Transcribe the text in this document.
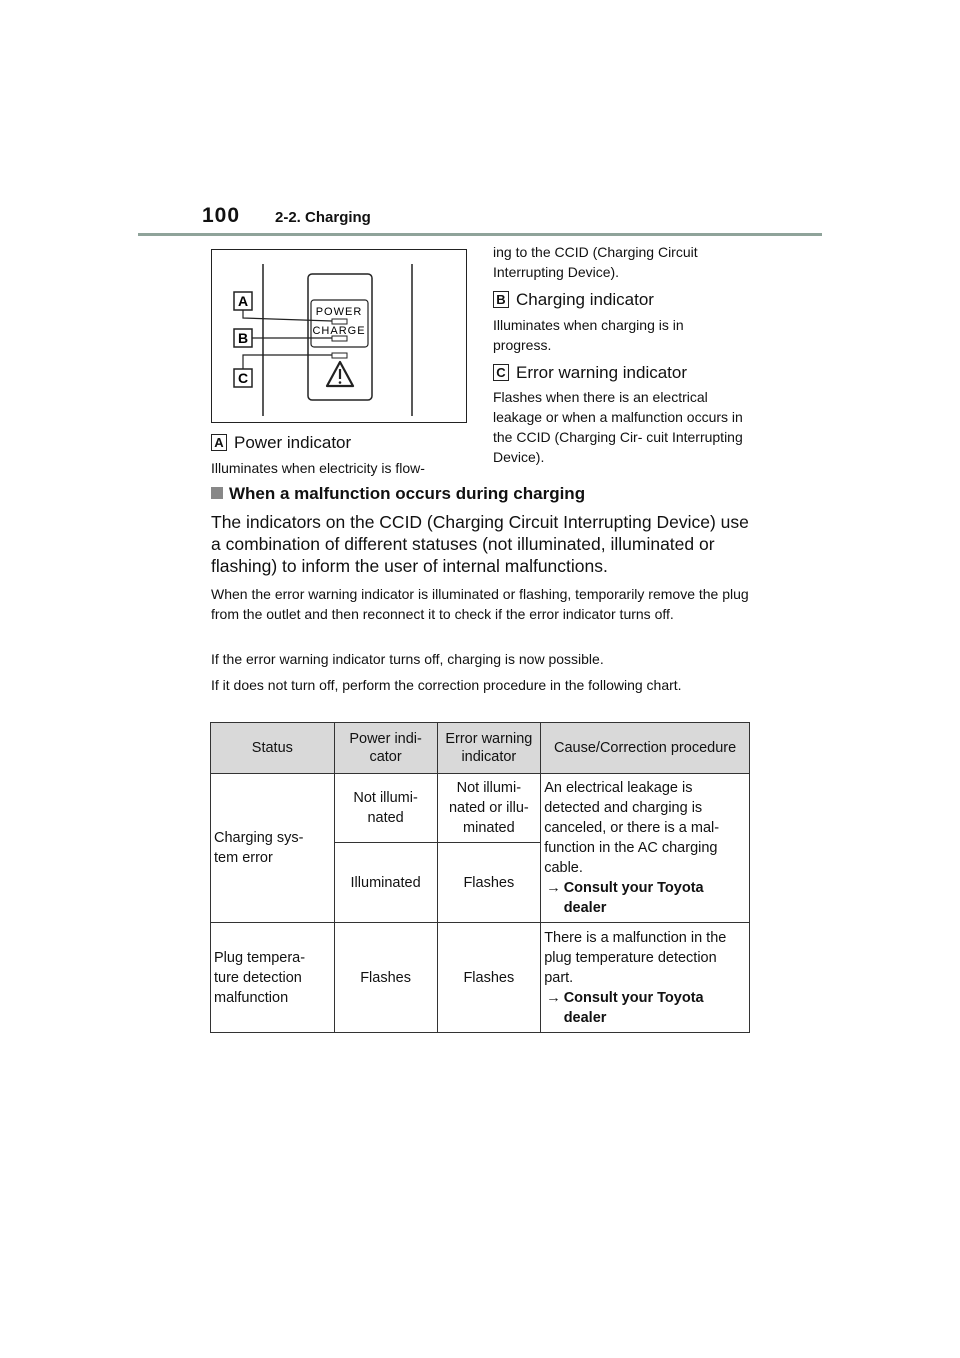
100 2-2. Charging
POWER
CHARGE
A
B
C
A Power indicator
Illuminates when electricity is flow-
ing to the CCID (Charging Circuit Interrupting Device).
B Charging indicator
Illuminates when charging is in progress.
C Error warning indicator
Flashes when there is an electrical leakage or when a malfunction occurs in the CCID (Charging Cir- cuit Interrupting Device).
When a malfunction occurs during charging
The indicators on the CCID (Charging Circuit Interrupting Device) use a combination of different statuses (not illuminated, illuminated or flashing) to inform the user of internal malfunctions.
When the error warning indicator is illuminated or flashing, temporarily remove the plug from the outlet and then reconnect it to check if the error indicator turns off.
If the error warning indicator turns off, charging is now possible.
If it does not turn off, perform the correction procedure in the following chart.
Status	Power indi- cator	Error warning indicator	Cause/Correction procedure
Charging sys- tem error	Not illumi- nated	Not illumi- nated or illu- minated	An electrical leakage is detected and charging is canceled, or there is a mal- function in the AC charging cable.
→ Consult your Toyota dealer

	Illuminated	Flashes	
Plug tempera- ture detection malfunction	Flashes	Flashes	There is a malfunction in the plug temperature detection part.
→ Consult your Toyota dealer
